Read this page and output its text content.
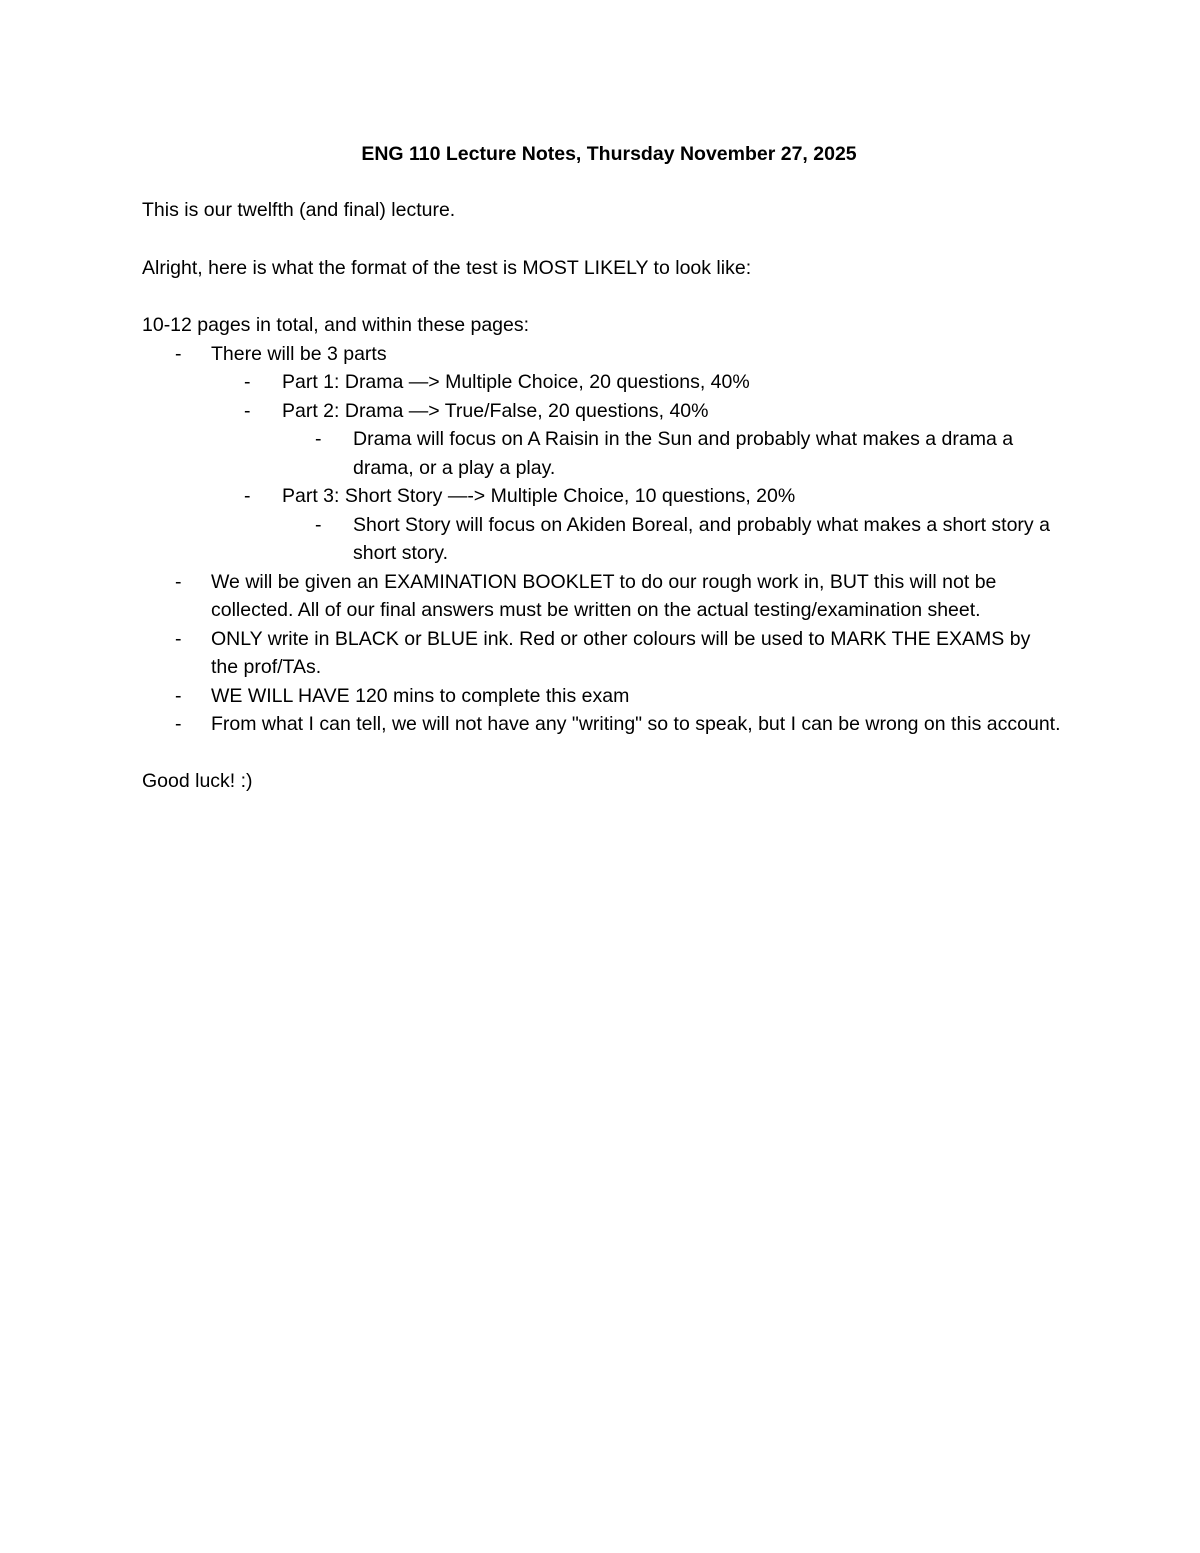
ENG 110 Lecture Notes, Thursday November 27, 2025

This is our twelfth (and final) lecture.

Alright, here is what the format of the test is MOST LIKELY to look like:

10-12 pages in total, and within these pages:

-	There will be 3 parts
-	Part 1: Drama —> Multiple Choice, 20 questions, 40%
-	Part 2: Drama —> True/False, 20 questions, 40%
-	Drama will focus on A Raisin in the Sun and probably what makes a drama a drama, or a play a play.
-	Part 3: Short Story —-> Multiple Choice, 10 questions, 20%
-	Short Story will focus on Akiden Boreal, and probably what makes a short story a short story.
-	We will be given an EXAMINATION BOOKLET to do our rough work in, BUT this will not be collected. All of our final answers must be written on the actual testing/examination sheet.
-	ONLY write in BLACK or BLUE ink. Red or other colours will be used to MARK THE EXAMS by the prof/TAs.
-	WE WILL HAVE 120 mins to complete this exam
-	From what I can tell, we will not have any "writing" so to speak, but I can be wrong on this account.

Good luck! :)
